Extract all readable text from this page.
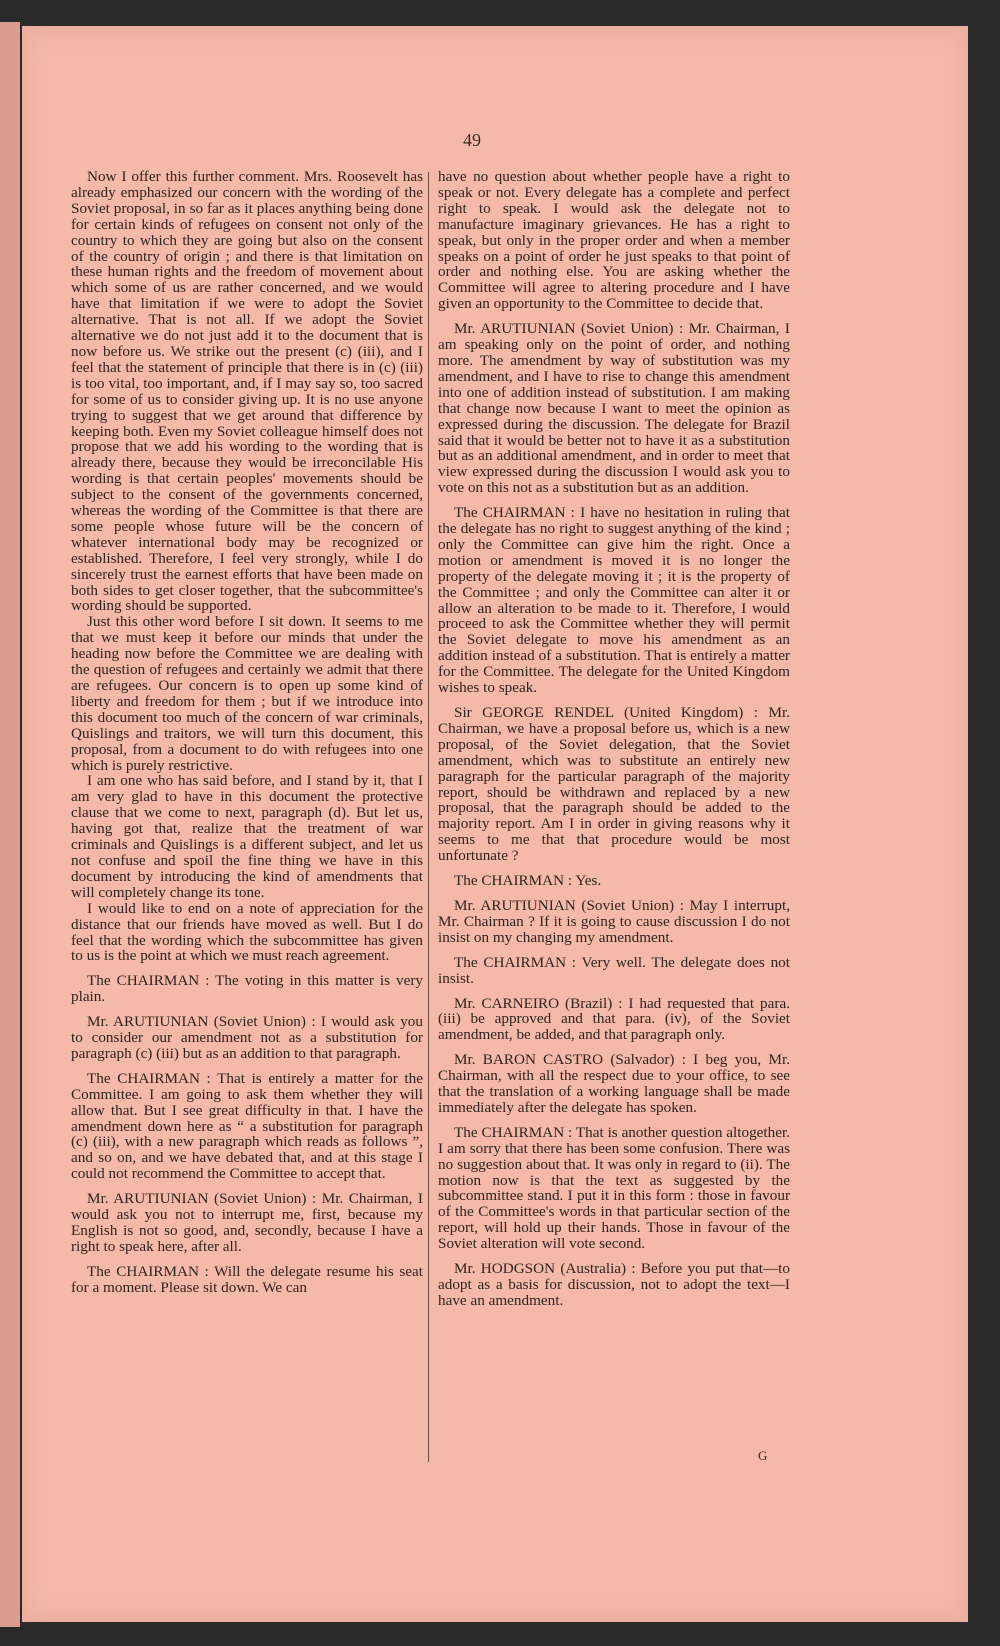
49

Now I offer this further comment. Mrs. Roosevelt has already emphasized our concern with the wording of the Soviet proposal, in so far as it places anything being done for certain kinds of refugees on consent not only of the country to which they are going but also on the consent of the country of origin ; and there is that limitation on these human rights and the freedom of movement about which some of us are rather concerned, and we would have that limitation if we were to adopt the Soviet alternative. That is not all. If we adopt the Soviet alternative we do not just add it to the document that is now before us. We strike out the present (c) (iii), and I feel that the statement of principle that there is in (c) (iii) is too vital, too important, and, if I may say so, too sacred for some of us to consider giving up. It is no use anyone trying to suggest that we get around that difference by keeping both. Even my Soviet colleague himself does not propose that we add his wording to the wording that is already there, because they would be irreconcilable His wording is that certain peoples' movements should be subject to the consent of the governments concerned, whereas the wording of the Committee is that there are some people whose future will be the concern of whatever international body may be recognized or established. Therefore, I feel very strongly, while I do sincerely trust the earnest efforts that have been made on both sides to get closer together, that the subcommittee's wording should be supported.

Just this other word before I sit down. It seems to me that we must keep it before our minds that under the heading now before the Committee we are dealing with the question of refugees and certainly we admit that there are refugees. Our concern is to open up some kind of liberty and freedom for them ; but if we introduce into this document too much of the concern of war criminals, Quislings and traitors, we will turn this document, this proposal, from a document to do with refugees into one which is purely restrictive.

I am one who has said before, and I stand by it, that I am very glad to have in this document the protective clause that we come to next, paragraph (d). But let us, having got that, realize that the treatment of war criminals and Quislings is a different subject, and let us not confuse and spoil the fine thing we have in this document by introducing the kind of amendments that will completely change its tone.

I would like to end on a note of appreciation for the distance that our friends have moved as well. But I do feel that the wording which the subcommittee has given to us is the point at which we must reach agreement.

The CHAIRMAN : The voting in this matter is very plain.

Mr. ARUTIUNIAN (Soviet Union) : I would ask you to consider our amendment not as a substitution for paragraph (c) (iii) but as an addition to that paragraph.

The CHAIRMAN : That is entirely a matter for the Committee. I am going to ask them whether they will allow that. But I see great difficulty in that. I have the amendment down here as “ a substitution for paragraph (c) (iii), with a new paragraph which reads as follows ”, and so on, and we have debated that, and at this stage I could not recommend the Committee to accept that.

Mr. ARUTIUNIAN (Soviet Union) : Mr. Chairman, I would ask you not to interrupt me, first, because my English is not so good, and, secondly, because I have a right to speak here, after all.

The CHAIRMAN : Will the delegate resume his seat for a moment. Please sit down. We can

have no question about whether people have a right to speak or not. Every delegate has a complete and perfect right to speak. I would ask the delegate not to manufacture imaginary grievances. He has a right to speak, but only in the proper order and when a member speaks on a point of order he just speaks to that point of order and nothing else. You are asking whether the Committee will agree to altering procedure and I have given an opportunity to the Committee to decide that.

Mr. ARUTIUNIAN (Soviet Union) : Mr. Chairman, I am speaking only on the point of order, and nothing more. The amendment by way of substitution was my amendment, and I have to rise to change this amendment into one of addition instead of substitution. I am making that change now because I want to meet the opinion as expressed during the discussion. The delegate for Brazil said that it would be better not to have it as a substitution but as an additional amendment, and in order to meet that view expressed during the discussion I would ask you to vote on this not as a substitution but as an addition.

The CHAIRMAN : I have no hesitation in ruling that the delegate has no right to suggest anything of the kind ; only the Committee can give him the right. Once a motion or amendment is moved it is no longer the property of the delegate moving it ; it is the property of the Committee ; and only the Committee can alter it or allow an alteration to be made to it. Therefore, I would proceed to ask the Committee whether they will permit the Soviet delegate to move his amendment as an addition instead of a substitution. That is entirely a matter for the Committee. The delegate for the United Kingdom wishes to speak.

Sir GEORGE RENDEL (United Kingdom) : Mr. Chairman, we have a proposal before us, which is a new proposal, of the Soviet delegation, that the Soviet amendment, which was to substitute an entirely new paragraph for the particular paragraph of the majority report, should be withdrawn and replaced by a new proposal, that the paragraph should be added to the majority report. Am I in order in giving reasons why it seems to me that that procedure would be most unfortunate ?

The CHAIRMAN : Yes.

Mr. ARUTIUNIAN (Soviet Union) : May I interrupt, Mr. Chairman ? If it is going to cause discussion I do not insist on my changing my amendment.

The CHAIRMAN : Very well. The delegate does not insist.

Mr. CARNEIRO (Brazil) : I had requested that para. (iii) be approved and that para. (iv), of the Soviet amendment, be added, and that paragraph only.

Mr. BARON CASTRO (Salvador) : I beg you, Mr. Chairman, with all the respect due to your office, to see that the translation of a working language shall be made immediately after the delegate has spoken.

The CHAIRMAN : That is another question altogether. I am sorry that there has been some confusion. There was no suggestion about that. It was only in regard to (ii). The motion now is that the text as suggested by the subcommittee stand. I put it in this form : those in favour of the Committee's words in that particular section of the report, will hold up their hands. Those in favour of the Soviet alteration will vote second.

Mr. HODGSON (Australia) : Before you put that—to adopt as a basis for discussion, not to adopt the text—I have an amendment.

G
